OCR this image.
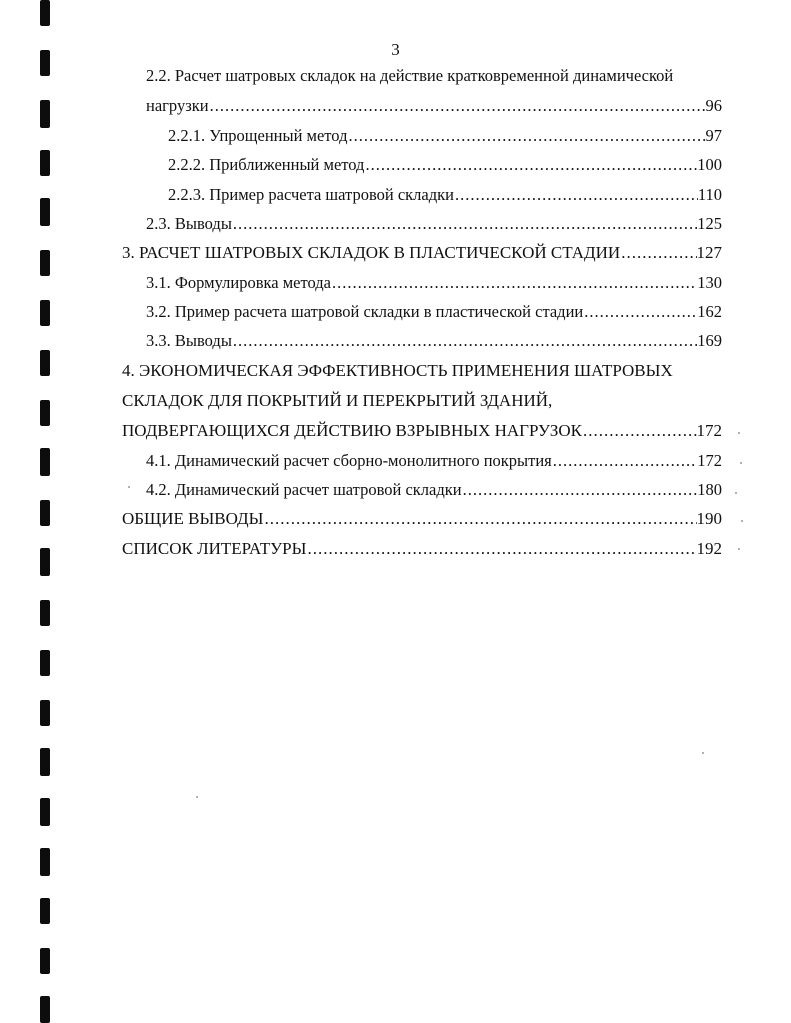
3
2.2. Расчет шатровых складок на действие кратковременной динамической
нагрузки .....	96
2.2.1. Упрощенный метод .....	97
2.2.2. Приближенный метод .....	100
2.2.3. Пример расчета шатровой складки .....	110
2.3. Выводы .....	125
3. РАСЧЕТ ШАТРОВЫХ СКЛАДОК В ПЛАСТИЧЕСКОЙ СТАДИИ .....	127
3.1. Формулировка метода .....	130
3.2. Пример расчета шатровой складки в пластической стадии .....	162
3.3. Выводы .....	169
4. ЭКОНОМИЧЕСКАЯ ЭФФЕКТИВНОСТЬ ПРИМЕНЕНИЯ ШАТРОВЫХ
СКЛАДОК ДЛЯ ПОКРЫТИЙ И ПЕРЕКРЫТИЙ ЗДАНИЙ,
ПОДВЕРГАЮЩИХСЯ ДЕЙСТВИЮ ВЗРЫВНЫХ НАГРУЗОК .....	172
4.1. Динамический расчет сборно-монолитного покрытия .....	172
4.2. Динамический расчет шатровой складки .....	180
ОБЩИЕ ВЫВОДЫ .....	190
СПИСОК ЛИТЕРАТУРЫ .....	192
